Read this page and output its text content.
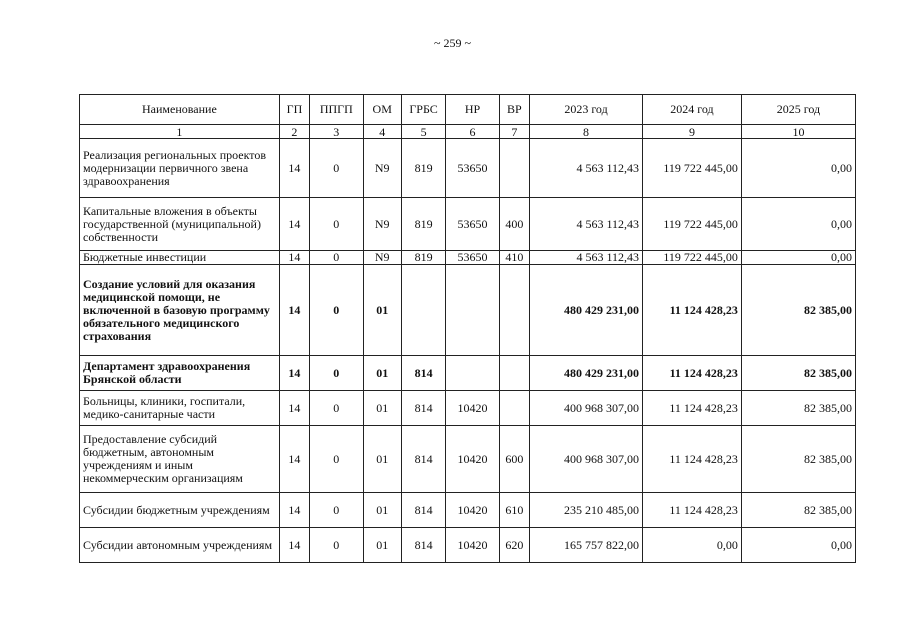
~ 259 ~
Наименование	ГП	ППГП	ОМ	ГРБС	НР	ВР	2023 год	2024 год	2025 год
1	2	3	4	5	6	7	8	9	10
Реализация региональных проектов модернизации первичного звена здравоохранения	14	0	N9	819	53650		4 563 112,43	119 722 445,00	0,00
Капитальные вложения в объекты государственной (муниципальной) собственности	14	0	N9	819	53650	400	4 563 112,43	119 722 445,00	0,00
Бюджетные инвестиции	14	0	N9	819	53650	410	4 563 112,43	119 722 445,00	0,00
Создание условий для оказания медицинской помощи, не включенной в базовую программу обязательного медицинского страхования	14	0	01				480 429 231,00	11 124 428,23	82 385,00
Департамент здравоохранения Брянской области	14	0	01	814			480 429 231,00	11 124 428,23	82 385,00
Больницы, клиники, госпитали, медико-санитарные части	14	0	01	814	10420		400 968 307,00	11 124 428,23	82 385,00
Предоставление субсидий бюджетным, автономным учреждениям и иным некоммерческим организациям	14	0	01	814	10420	600	400 968 307,00	11 124 428,23	82 385,00
Субсидии бюджетным учреждениям	14	0	01	814	10420	610	235 210 485,00	11 124 428,23	82 385,00
Субсидии автономным учреждениям	14	0	01	814	10420	620	165 757 822,00	0,00	0,00
